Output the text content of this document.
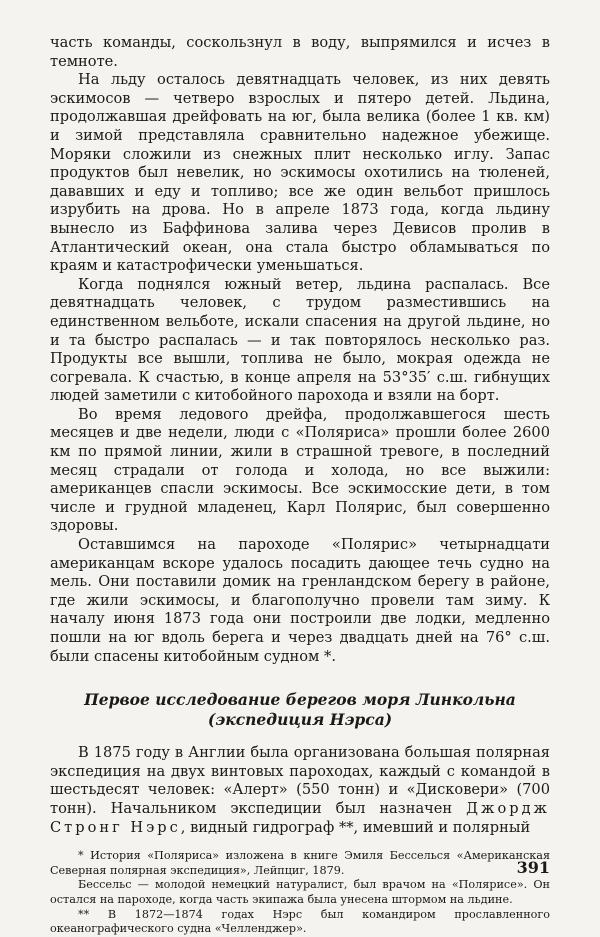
часть команды, соскользнул в воду, выпрямился и исчез в темноте.

На льду осталось девятнадцать человек, из них девять эскимосов — четверо взрослых и пятеро детей. Льдина, продолжавшая дрейфовать на юг, была велика (более 1 кв. км) и зимой представляла сравнительно надежное убежище. Моряки сложили из снежных плит несколько иглу. Запас продуктов был невелик, но эскимосы охотились на тюленей, дававших и еду и топливо; все же один вельбот пришлось изрубить на дрова. Но в апреле 1873 года, когда льдину вынесло из Баффинова залива через Девисов пролив в Атлантический океан, она стала быстро обламываться по краям и катастрофически уменьшаться.

Когда поднялся южный ветер, льдина распалась. Все девятнадцать человек, с трудом разместившись на единственном вельботе, искали спасения на другой льдине, но и та быстро распалась — и так повторялось несколько раз. Продукты все вышли, топлива не было, мокрая одежда не согревала. К счастью, в конце апреля на 53°35′ с.ш. гибнущих людей заметили с китобойного парохода и взяли на борт.

Во время ледового дрейфа, продолжавшегося шесть месяцев и две недели, люди с «Поляриса» прошли более 2600 км по прямой линии, жили в страшной тревоге, в последний месяц страдали от голода и холода, но все выжили: американцев спасли эскимосы. Все эскимосские дети, в том числе и грудной младенец, Карл Полярис, был совершенно здоровы.

Оставшимся на пароходе «Полярис» четырнадцати американцам вскоре удалось посадить дающее течь судно на мель. Они поставили домик на гренландском берегу в районе, где жили эскимосы, и благополучно провели там зиму. К началу июня 1873 года они построили две лодки, медленно пошли на юг вдоль берега и через двадцать дней на 76° с.ш. были спасены китобойным судном *.

Первое исследование берегов моря Линкольна
(экспедиция Нэрса)

В 1875 году в Англии была организована большая полярная экспедиция на двух винтовых пароходах, каждый с командой в шестьдесят человек: «Алерт» (550 тонн) и «Дисковери» (700 тонн). Начальником экспедиции был назначен Джордж Стронг Нэрс, видный гидрограф **, имевший и полярный

* История «Поляриса» изложена в книге Эмиля Бесселься «Американская Северная полярная экспедиция», Лейпциг, 1879.

Бессельс — молодой немецкий натуралист, был врачом на «Полярисе». Он остался на пароходе, когда часть экипажа была унесена штормом на льдине.

** В 1872—1874 годах Нэрс был командиром прославленного океанографического судна «Челленджер».

391
